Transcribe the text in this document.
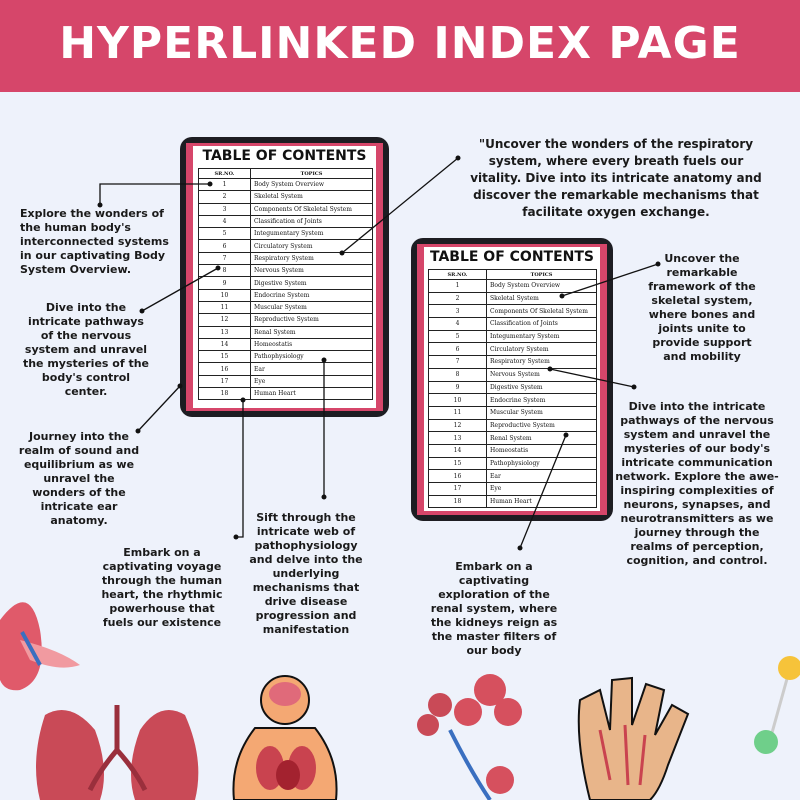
HYPERLINKED INDEX PAGE
TABLE OF CONTENTS
SR.NO.	TOPICS
1	Body System Overview
2	Skeletal System
3	Components Of Skeletal System
4	Classification of Joints
5	Integumentary System
6	Circulatory System
7	Respiratory System
8	Nervous System
9	Digestive System
10	Endocrine System
11	Muscular System
12	Reproductive System
13	Renal System
14	Homeostatis
15	Pathophysiology
16	Ear
17	Eye
18	Human Heart
TABLE OF CONTENTS
SR.NO.	TOPICS
1	Body System Overview
2	Skeletal System
3	Components Of Skeletal System
4	Classification of Joints
5	Integumentary System
6	Circulatory System
7	Respiratory System
8	Nervous System
9	Digestive System
10	Endocrine System
11	Muscular System
12	Reproductive System
13	Renal System
14	Homeostatis
15	Pathophysiology
16	Ear
17	Eye
18	Human Heart
Explore the wonders of the human body's interconnected systems in our captivating Body System Overview.
Dive into the intricate pathways of the nervous system and unravel the mysteries of the body's control center.
Journey into the realm of sound and equilibrium as we unravel the wonders of the intricate ear anatomy.
Embark on a captivating voyage through the human heart, the rhythmic powerhouse that fuels our existence
Sift through the intricate web of pathophysiology and delve into the underlying mechanisms that drive disease progression and manifestation
"Uncover the wonders of the respiratory system, where every breath fuels our vitality. Dive into its intricate anatomy and discover the remarkable mechanisms that facilitate oxygen exchange.
Uncover the remarkable framework of the skeletal system, where bones and joints unite to provide support and mobility
Dive into the intricate pathways of the nervous system and unravel the mysteries of our body's intricate communication network. Explore the awe-inspiring complexities of neurons, synapses, and neurotransmitters as we journey through the realms of perception, cognition, and control.
Embark on a captivating exploration of the renal system, where the kidneys reign as the master filters of our body
